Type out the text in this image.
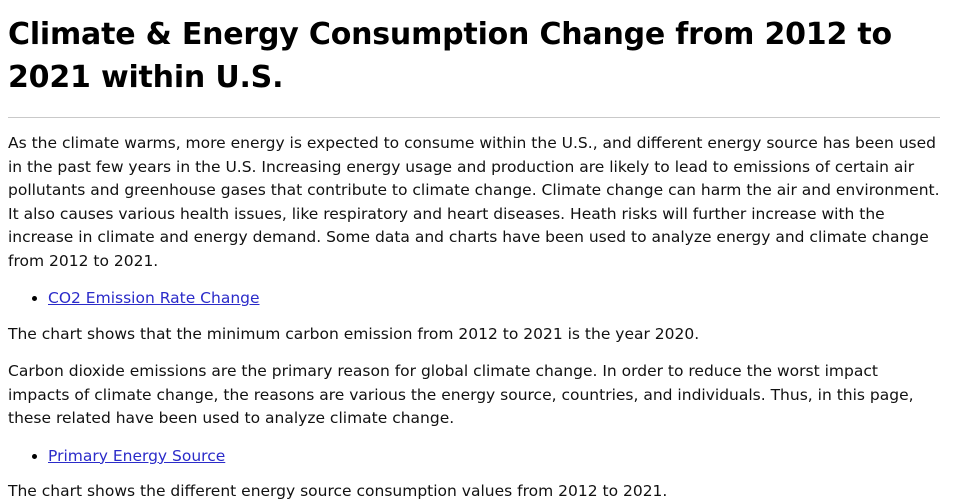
Climate & Energy Consumption Change from 2012 to 2021 within U.S.

As the climate warms, more energy is expected to consume within the U.S., and different energy source has been used in the past few years in the U.S. Increasing energy usage and production are likely to lead to emissions of certain air pollutants and greenhouse gases that contribute to climate change. Climate change can harm the air and environment. It also causes various health issues, like respiratory and heart diseases. Heath risks will further increase with the increase in climate and energy demand. Some data and charts have been used to analyze energy and climate change from 2012 to 2021.

• CO2 Emission Rate Change

The chart shows that the minimum carbon emission from 2012 to 2021 is the year 2020.

Carbon dioxide emissions are the primary reason for global climate change. In order to reduce the worst impact impacts of climate change, the reasons are various the energy source, countries, and individuals. Thus, in this page, these related have been used to analyze climate change.

• Primary Energy Source

The chart shows the different energy source consumption values from 2012 to 2021.
